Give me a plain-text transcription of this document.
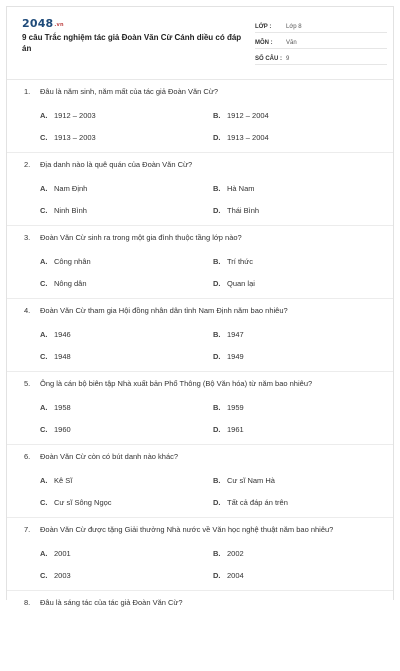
2048.vn
9 câu Trắc nghiệm tác giả Đoàn Văn Cừ Cánh diều có đáp án
LỚP :	Lớp 8
MÔN :	Văn
SỐ CÂU : 9
1. Đâu là năm sinh, năm mất của tác giả Đoàn Văn Cừ?
A. 1912 – 2003	B. 1912 – 2004
C. 1913 – 2003	D. 1913 – 2004
2. Địa danh nào là quê quán của Đoàn Văn Cừ?
A. Nam Định	B. Hà Nam
C. Ninh Bình	D. Thái Bình
3. Đoàn Văn Cừ sinh ra trong một gia đình thuộc tầng lớp nào?
A. Công nhân	B. Trí thức
C. Nông dân	D. Quan lại
4. Đoàn Văn Cừ tham gia Hội đồng nhân dân tỉnh Nam Định năm bao nhiêu?
A. 1946	B. 1947
C. 1948	D. 1949
5. Ông là cán bộ biên tập Nhà xuất bản Phổ Thông (Bộ Văn hóa) từ năm bao nhiêu?
A. 1958	B. 1959
C. 1960	D. 1961
6. Đoàn Văn Cừ còn có bút danh nào khác?
A. Kê Sĩ	B. Cư sĩ Nam Hà
C. Cư sĩ Sông Ngọc	D. Tất cả đáp án trên
7. Đoàn Văn Cừ được tặng Giải thưởng Nhà nước về Văn học nghệ thuật năm bao nhiêu?
A. 2001	B. 2002
C. 2003	D. 2004
8. Đâu là sáng tác của tác giả Đoàn Văn Cừ?
